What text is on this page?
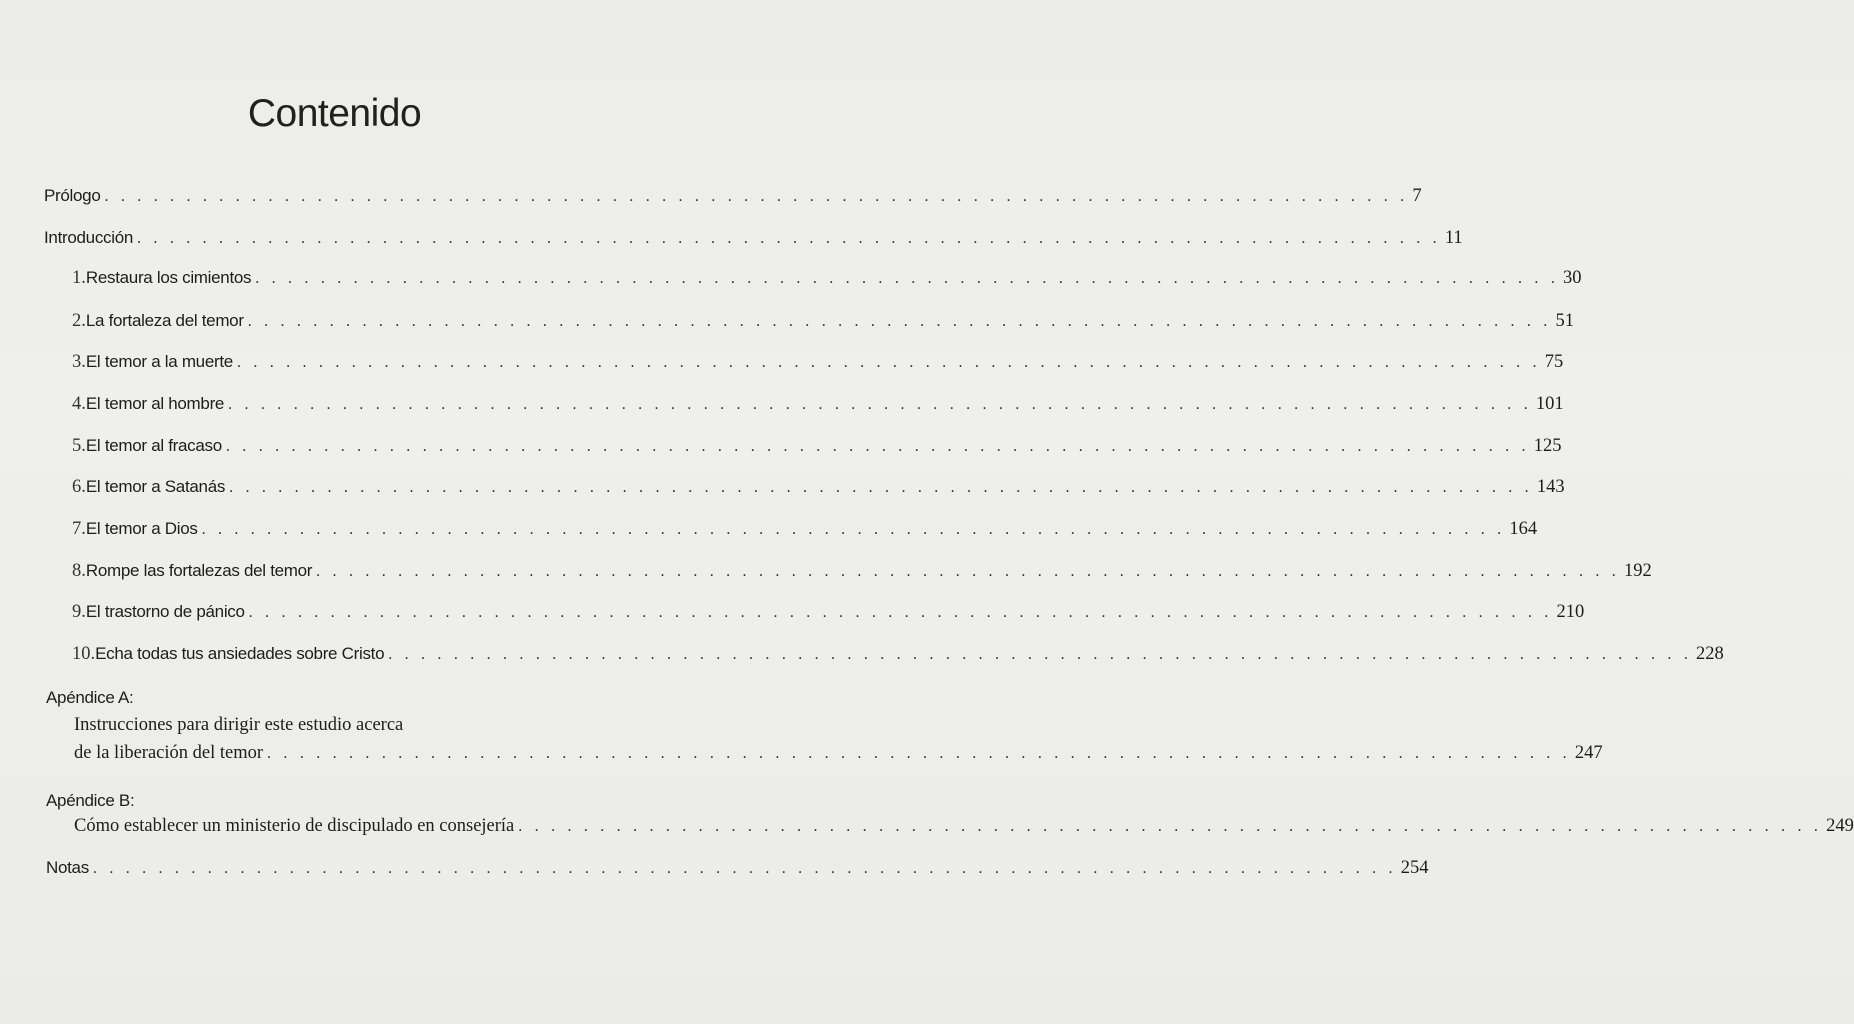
Contenido
Prólogo . . . . . . . . . . . . . . . . . . . . . . . . . . . . . . . . . . . . . . . . . . . . . . . . . . . . . . . . . . . . . . . . . . . . . . . . . . . . . . . . 7
Introducción . . . . . . . . . . . . . . . . . . . . . . . . . . . . . . . . . . . . . . . . . . . . . . . . . . . . . . . . . . . . . . . . . . . . . . . . . . . . . . . . 11
1. Restaura los cimientos . . . . . . . . . . . . . . . . . . . . . . . . . . . . . . . . . . . . . . . . . . . . . . . . . . . . . . . . . . . . . . . . . . . . . . . . . . . . . . . . 30
2. La fortaleza del temor . . . . . . . . . . . . . . . . . . . . . . . . . . . . . . . . . . . . . . . . . . . . . . . . . . . . . . . . . . . . . . . . . . . . . . . . . . . . . . . . 51
3. El temor a la muerte . . . . . . . . . . . . . . . . . . . . . . . . . . . . . . . . . . . . . . . . . . . . . . . . . . . . . . . . . . . . . . . . . . . . . . . . . . . . . . . . 75
4. El temor al hombre . . . . . . . . . . . . . . . . . . . . . . . . . . . . . . . . . . . . . . . . . . . . . . . . . . . . . . . . . . . . . . . . . . . . . . . . . . . . . . . . 101
5. El temor al fracaso . . . . . . . . . . . . . . . . . . . . . . . . . . . . . . . . . . . . . . . . . . . . . . . . . . . . . . . . . . . . . . . . . . . . . . . . . . . . . . . . 125
6. El temor a Satanás . . . . . . . . . . . . . . . . . . . . . . . . . . . . . . . . . . . . . . . . . . . . . . . . . . . . . . . . . . . . . . . . . . . . . . . . . . . . . . . . 143
7. El temor a Dios . . . . . . . . . . . . . . . . . . . . . . . . . . . . . . . . . . . . . . . . . . . . . . . . . . . . . . . . . . . . . . . . . . . . . . . . . . . . . . . . 164
8. Rompe las fortalezas del temor . . . . . . . . . . . . . . . . . . . . . . . . . . . . . . . . . . . . . . . . . . . . . . . . . . . . . . . . . . . . . . . . . . . . . . . . . . . . . . . . 192
9. El trastorno de pánico . . . . . . . . . . . . . . . . . . . . . . . . . . . . . . . . . . . . . . . . . . . . . . . . . . . . . . . . . . . . . . . . . . . . . . . . . . . . . . . . 210
10. Echa todas tus ansiedades sobre Cristo . . . . . . . . . . . . . . . . . . . . . . . . . . . . . . . . . . . . . . . . . . . . . . . . . . . . . . . . . . . . . . . . . . . . . . . . . . . . . . . . 228
Apéndice A:
Instrucciones para dirigir este estudio acerca
de la liberación del temor . . . . . . . . . . . . . . . . . . . . . . . . . . . . . . . . . . . . . . . . . . . . . . . . . . . . . . . . . . . . . . . . . . . . . . . . . . . . . . . . 247
Apéndice B:
Cómo establecer un ministerio de discipulado en consejería . . . . . . . . . . . . . . . . . . . . . . . . . . . . . . . . . . . . . . . . . . . . . . . . . . . . . . . . . . . . . . . . . . . . . . . . . . . . . . . . 249
Notas . . . . . . . . . . . . . . . . . . . . . . . . . . . . . . . . . . . . . . . . . . . . . . . . . . . . . . . . . . . . . . . . . . . . . . . . . . . . . . . . 254
